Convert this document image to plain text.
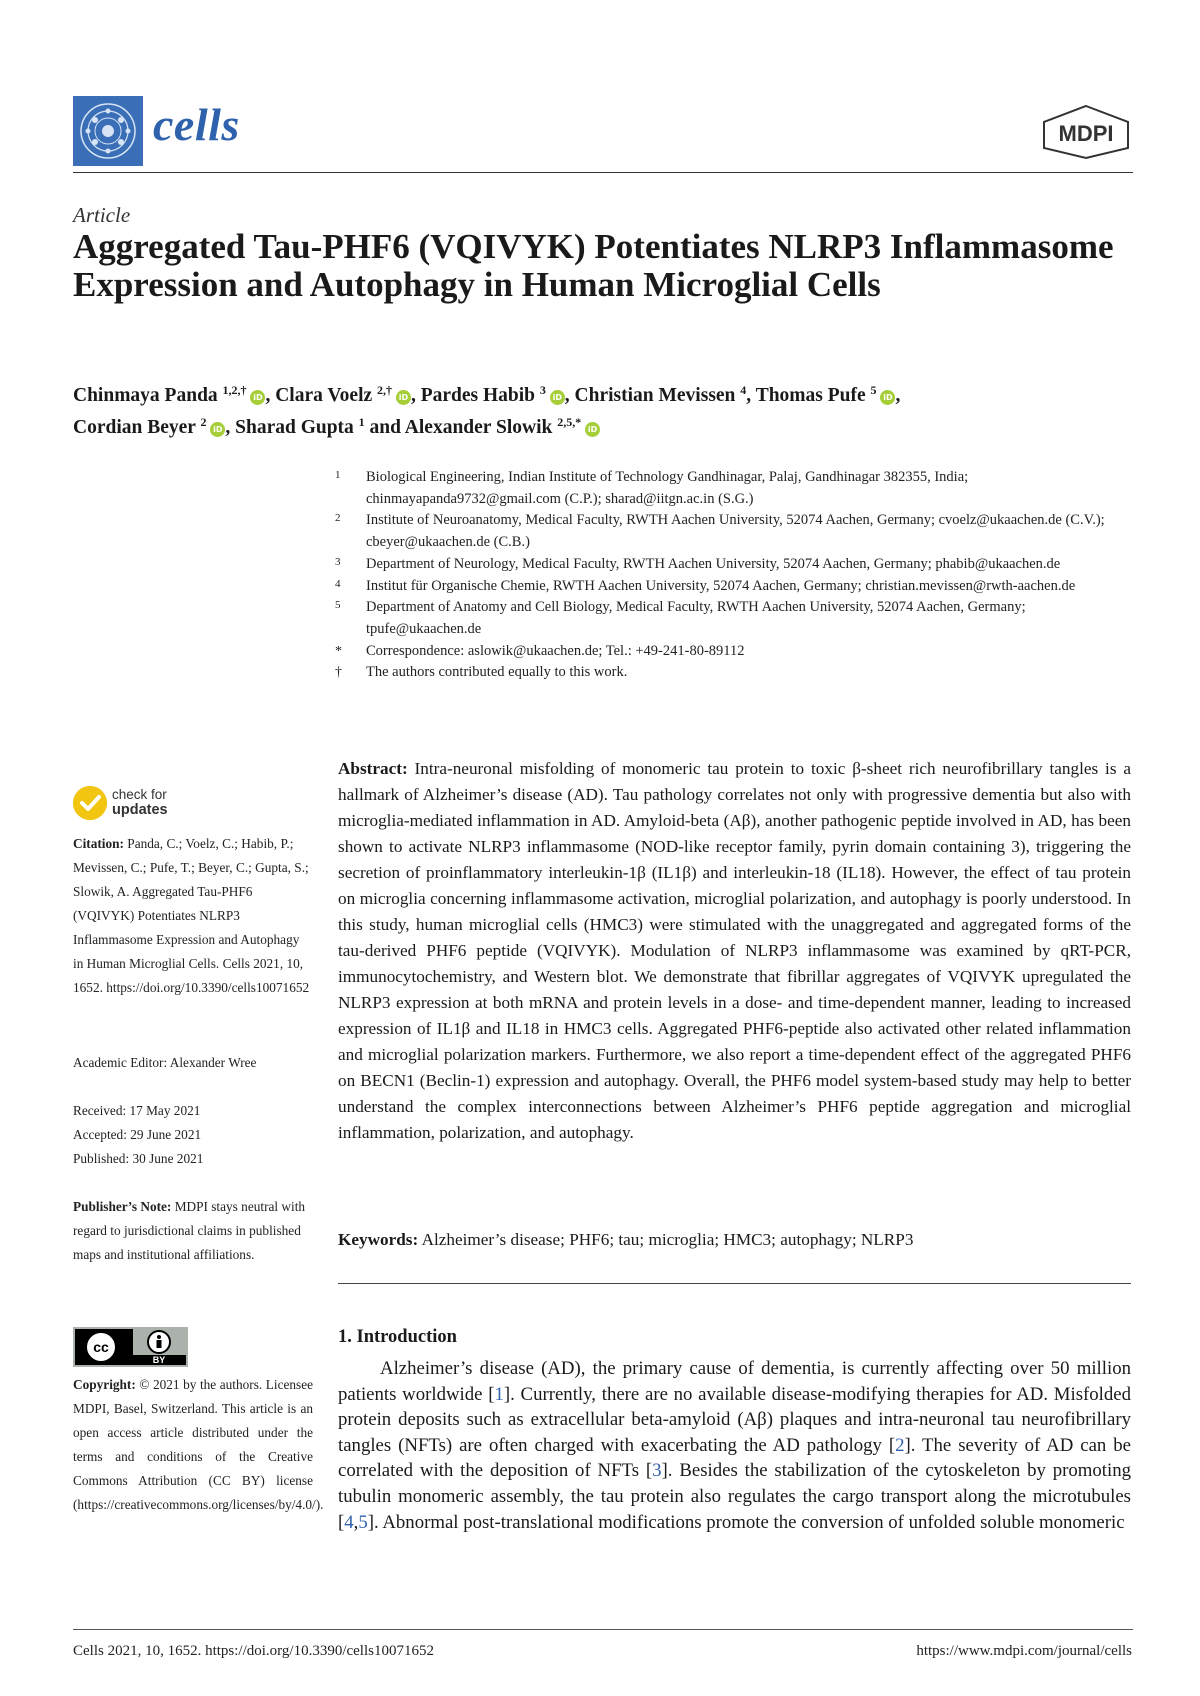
cells	MDPI
Article
Aggregated Tau-PHF6 (VQIVYK) Potentiates NLRP3 Inflammasome Expression and Autophagy in Human Microglial Cells
Chinmaya Panda $^{1,2,\dagger}$ iD , Clara Voelz $^{2,\dagger}$ iD , Pardes Habib $^3$ iD , Christian Mevissen $^4$, Thomas Pufe $^5$ iD ,
Cordian Beyer $^2$ iD , Sharad Gupta $^1$ and Alexander Slowik $^{2,5,*}$ iD
1 Biological Engineering, Indian Institute of Technology Gandhinagar, Palaj, Gandhinagar 382355, India; chinmayapanda9732@gmail.com (C.P.); sharad@iitgn.ac.in (S.G.)
2 Institute of Neuroanatomy, Medical Faculty, RWTH Aachen University, 52074 Aachen, Germany; cvoelz@ukaachen.de (C.V.); cbeyer@ukaachen.de (C.B.)
3 Department of Neurology, Medical Faculty, RWTH Aachen University, 52074 Aachen, Germany; phabib@ukaachen.de
4 Institut für Organische Chemie, RWTH Aachen University, 52074 Aachen, Germany; christian.mevissen@rwth-aachen.de
5 Department of Anatomy and Cell Biology, Medical Faculty, RWTH Aachen University, 52074 Aachen, Germany; tpufe@ukaachen.de
* Correspondence: aslowik@ukaachen.de; Tel.: +49-241-80-89112
† The authors contributed equally to this work.
Abstract: Intra-neuronal misfolding of monomeric tau protein to toxic β-sheet rich neurofibrillary tangles is a hallmark of Alzheimer’s disease (AD). Tau pathology correlates not only with progressive dementia but also with microglia-mediated inflammation in AD. Amyloid-beta (Aβ), another pathogenic peptide involved in AD, has been shown to activate NLRP3 inflammasome (NOD-like receptor family, pyrin domain containing 3), triggering the secretion of proinflammatory interleukin-1β (IL1β) and interleukin-18 (IL18). However, the effect of tau protein on microglia concerning inflammasome activation, microglial polarization, and autophagy is poorly understood. In this study, human microglial cells (HMC3) were stimulated with the unaggregated and aggregated forms of the tau-derived PHF6 peptide (VQIVYK). Modulation of NLRP3 inflammasome was examined by qRT-PCR, immunocytochemistry, and Western blot. We demonstrate that fibrillar aggregates of VQIVYK upregulated the NLRP3 expression at both mRNA and protein levels in a dose- and time-dependent manner, leading to increased expression of IL1β and IL18 in HMC3 cells. Aggregated PHF6-peptide also activated other related inflammation and microglial polarization markers. Furthermore, we also report a time-dependent effect of the aggregated PHF6 on BECN1 (Beclin-1) expression and autophagy. Overall, the PHF6 model system-based study may help to better understand the complex interconnections between Alzheimer’s PHF6 peptide aggregation and microglial inflammation, polarization, and autophagy.
Keywords: Alzheimer’s disease; PHF6; tau; microglia; HMC3; autophagy; NLRP3
1. Introduction
Alzheimer’s disease (AD), the primary cause of dementia, is currently affecting over 50 million patients worldwide [1]. Currently, there are no available disease-modifying therapies for AD. Misfolded protein deposits such as extracellular beta-amyloid (Aβ) plaques and intra-neuronal tau neurofibrillary tangles (NFTs) are often charged with exacerbating the AD pathology [2]. The severity of AD can be correlated with the deposition of NFTs [3]. Besides the stabilization of the cytoskeleton by promoting tubulin monomeric assembly, the tau protein also regulates the cargo transport along the microtubules [4,5]. Abnormal post-translational modifications promote the conversion of unfolded soluble monomeric
check for
updates
Citation: Panda, C.; Voelz, C.; Habib, P.; Mevissen, C.; Pufe, T.; Beyer, C.; Gupta, S.; Slowik, A. Aggregated Tau-PHF6 (VQIVYK) Potentiates NLRP3 Inflammasome Expression and Autophagy in Human Microglial Cells. Cells 2021, 10, 1652. https://doi.org/10.3390/cells10071652
Academic Editor: Alexander Wree
Received: 17 May 2021
Accepted: 29 June 2021
Published: 30 June 2021
Publisher’s Note: MDPI stays neutral with regard to jurisdictional claims in published maps and institutional affiliations.
cc
BY
Copyright: © 2021 by the authors. Licensee MDPI, Basel, Switzerland. This article is an open access article distributed under the terms and conditions of the Creative Commons Attribution (CC BY) license (https://creativecommons.org/licenses/by/4.0/).
Cells 2021, 10, 1652. https://doi.org/10.3390/cells10071652	https://www.mdpi.com/journal/cells
